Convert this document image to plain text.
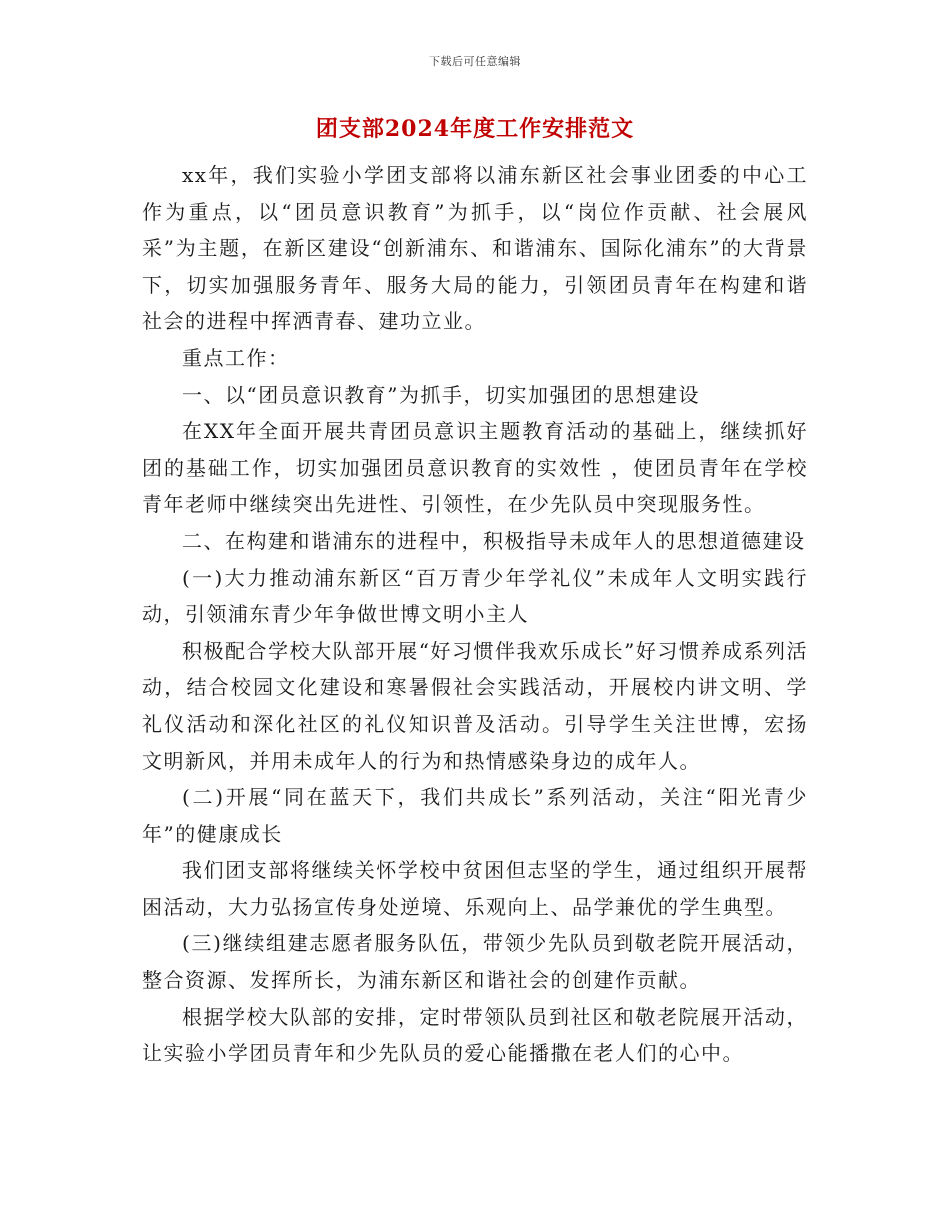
下载后可任意编辑
团支部2024年度工作安排范文

xx年，我们实验小学团支部将以浦东新区社会事业团委的中心工作为重点，以“团员意识教育”为抓手，以“岗位作贡献、社会展风采”为主题，在新区建设“创新浦东、和谐浦东、国际化浦东”的大背景下，切实加强服务青年、服务大局的能力，引领团员青年在构建和谐社会的进程中挥洒青春、建功立业。

重点工作：

一、以“团员意识教育”为抓手，切实加强团的思想建设

在XX年全面开展共青团员意识主题教育活动的基础上，继续抓好团的基础工作，切实加强团员意识教育的实效性 ，使团员青年在学校青年老师中继续突出先进性、引领性，在少先队员中突现服务性。

二、在构建和谐浦东的进程中，积极指导未成年人的思想道德建设

(一)大力推动浦东新区“百万青少年学礼仪”未成年人文明实践行动，引领浦东青少年争做世博文明小主人

积极配合学校大队部开展“好习惯伴我欢乐成长”好习惯养成系列活动，结合校园文化建设和寒暑假社会实践活动，开展校内讲文明、学礼仪活动和深化社区的礼仪知识普及活动。引导学生关注世博，宏扬文明新风，并用未成年人的行为和热情感染身边的成年人。

(二)开展“同在蓝天下，我们共成长”系列活动，关注“阳光青少年”的健康成长

我们团支部将继续关怀学校中贫困但志坚的学生，通过组织开展帮困活动，大力弘扬宣传身处逆境、乐观向上、品学兼优的学生典型。

(三)继续组建志愿者服务队伍，带领少先队员到敬老院开展活动，整合资源、发挥所长，为浦东新区和谐社会的创建作贡献。

根据学校大队部的安排，定时带领队员到社区和敬老院展开活动，让实验小学团员青年和少先队员的爱心能播撒在老人们的心中。
